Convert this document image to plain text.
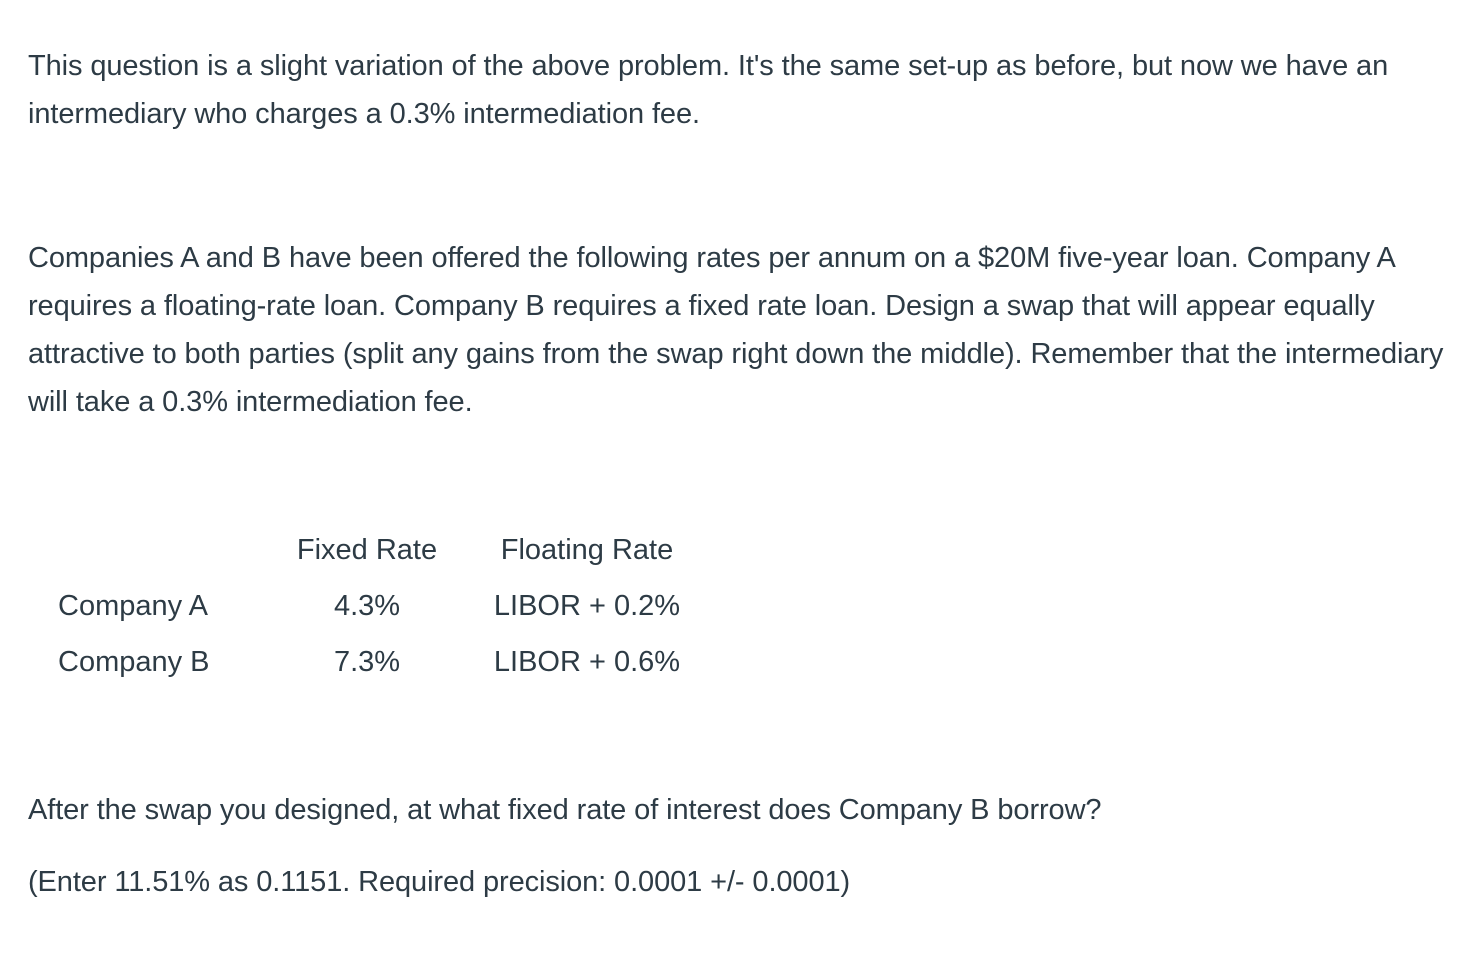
This question is a slight variation of the above problem. It's the same set-up as before, but now we have an intermediary who charges a 0.3% intermediation fee.

Companies A and B have been offered the following rates per annum on a $20M five-year loan. Company A requires a floating-rate loan. Company B requires a fixed rate loan. Design a swap that will appear equally attractive to both parties (split any gains from the swap right down the middle). Remember that the intermediary will take a 0.3% intermediation fee.

After the swap you designed, at what fixed rate of interest does Company B borrow?

(Enter 11.51% as 0.1151. Required precision: 0.0001 +/- 0.0001)

	Fixed Rate	Floating Rate
Company A	4.3%	LIBOR + 0.2%
Company B	7.3%	LIBOR + 0.6%
